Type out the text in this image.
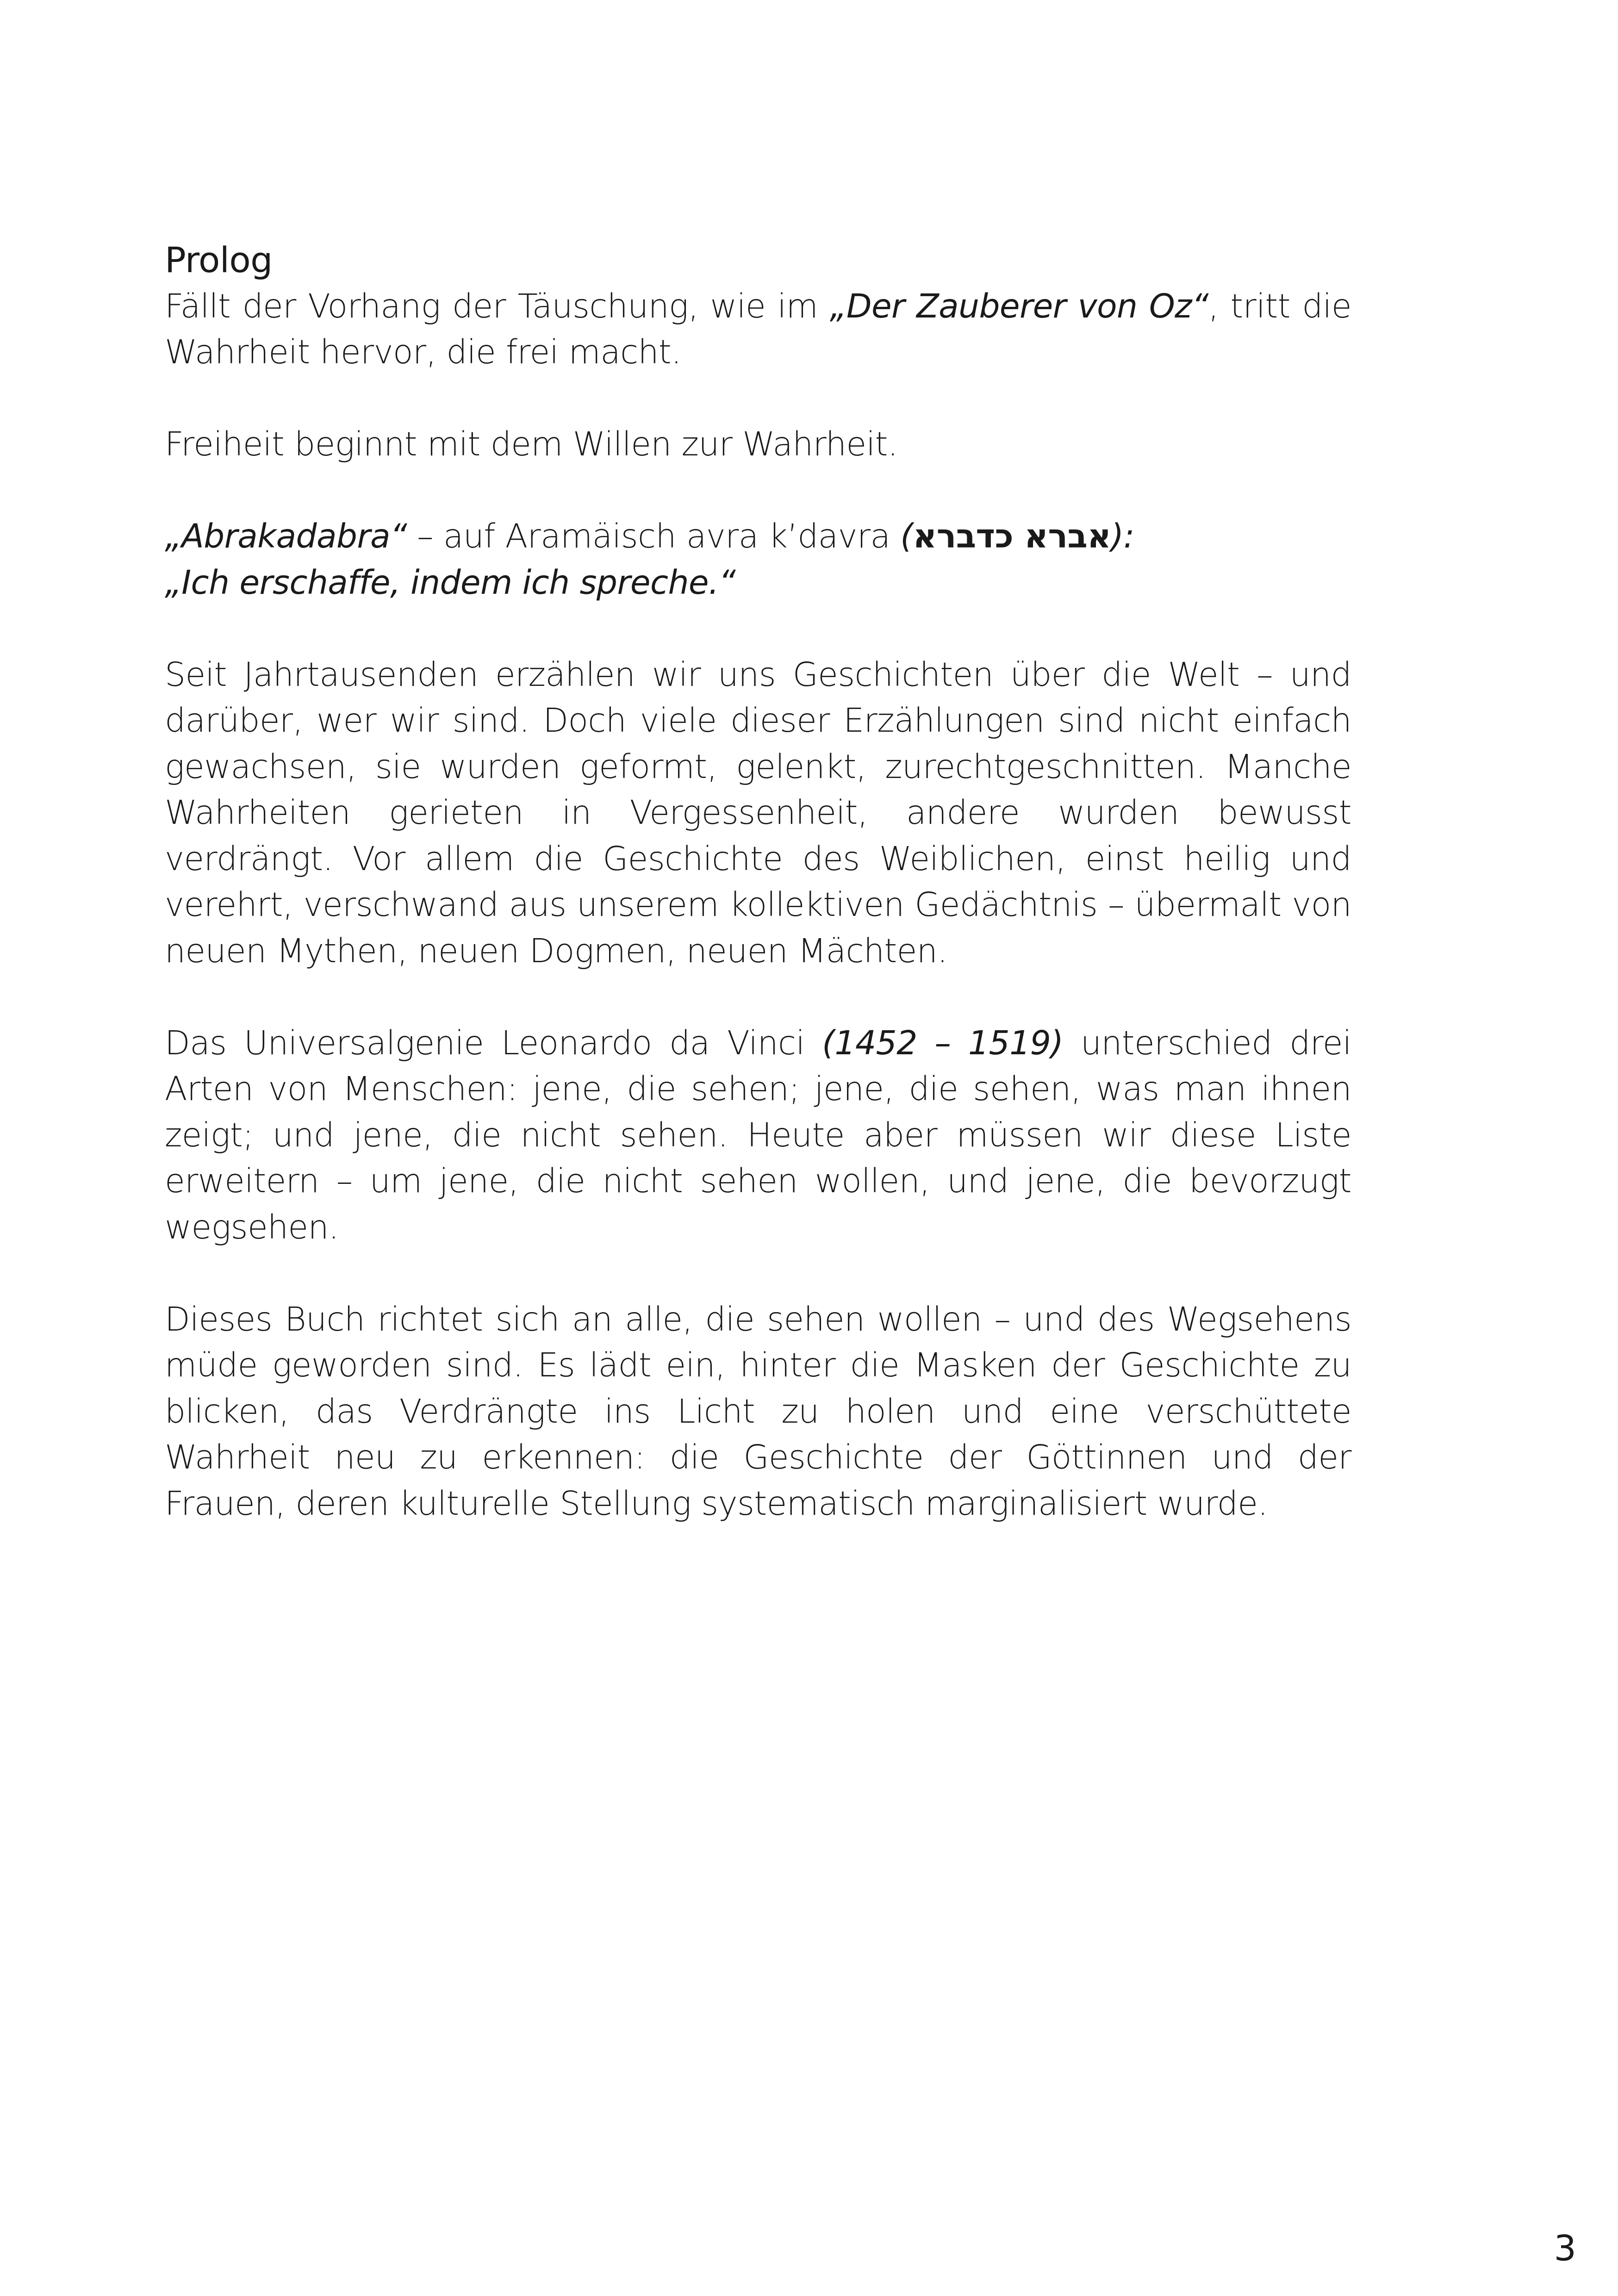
Prolog

Fällt der Vorhang der Täuschung, wie im „Der Zauberer von Oz“, tritt die
Wahrheit hervor, die frei macht.

Freiheit beginnt mit dem Willen zur Wahrheit.

„Abrakadabra“ – auf Aramäisch avra k’davra (אברא כדברא):
„Ich erschaffe, indem ich spreche.“

Seit Jahrtausenden erzählen wir uns Geschichten über die Welt – und darüber, wer wir sind. Doch viele dieser Erzählungen sind nicht einfach gewachsen, sie wurden geformt, gelenkt, zurechtgeschnitten. Manche Wahrheiten gerieten in Vergessenheit, andere wurden bewusst verdrängt. Vor allem die Geschichte des Weiblichen, einst heilig und verehrt, verschwand aus unserem kollektiven Gedächtnis – übermalt von neuen Mythen, neuen Dogmen, neuen Mächten.

Das Universalgenie Leonardo da Vinci (1452 – 1519) unterschied drei Arten von Menschen: jene, die sehen; jene, die sehen, was man ihnen zeigt; und jene, die nicht sehen. Heute aber müssen wir diese Liste erweitern – um jene, die nicht sehen wollen, und jene, die bevorzugt wegsehen.

Dieses Buch richtet sich an alle, die sehen wollen – und des Wegsehens müde geworden sind. Es lädt ein, hinter die Masken der Geschichte zu blicken, das Verdrängte ins Licht zu holen und eine verschüttete Wahrheit neu zu erkennen: die Geschichte der Göttinnen und der Frauen, deren kulturelle Stellung systematisch marginalisiert wurde.

3
